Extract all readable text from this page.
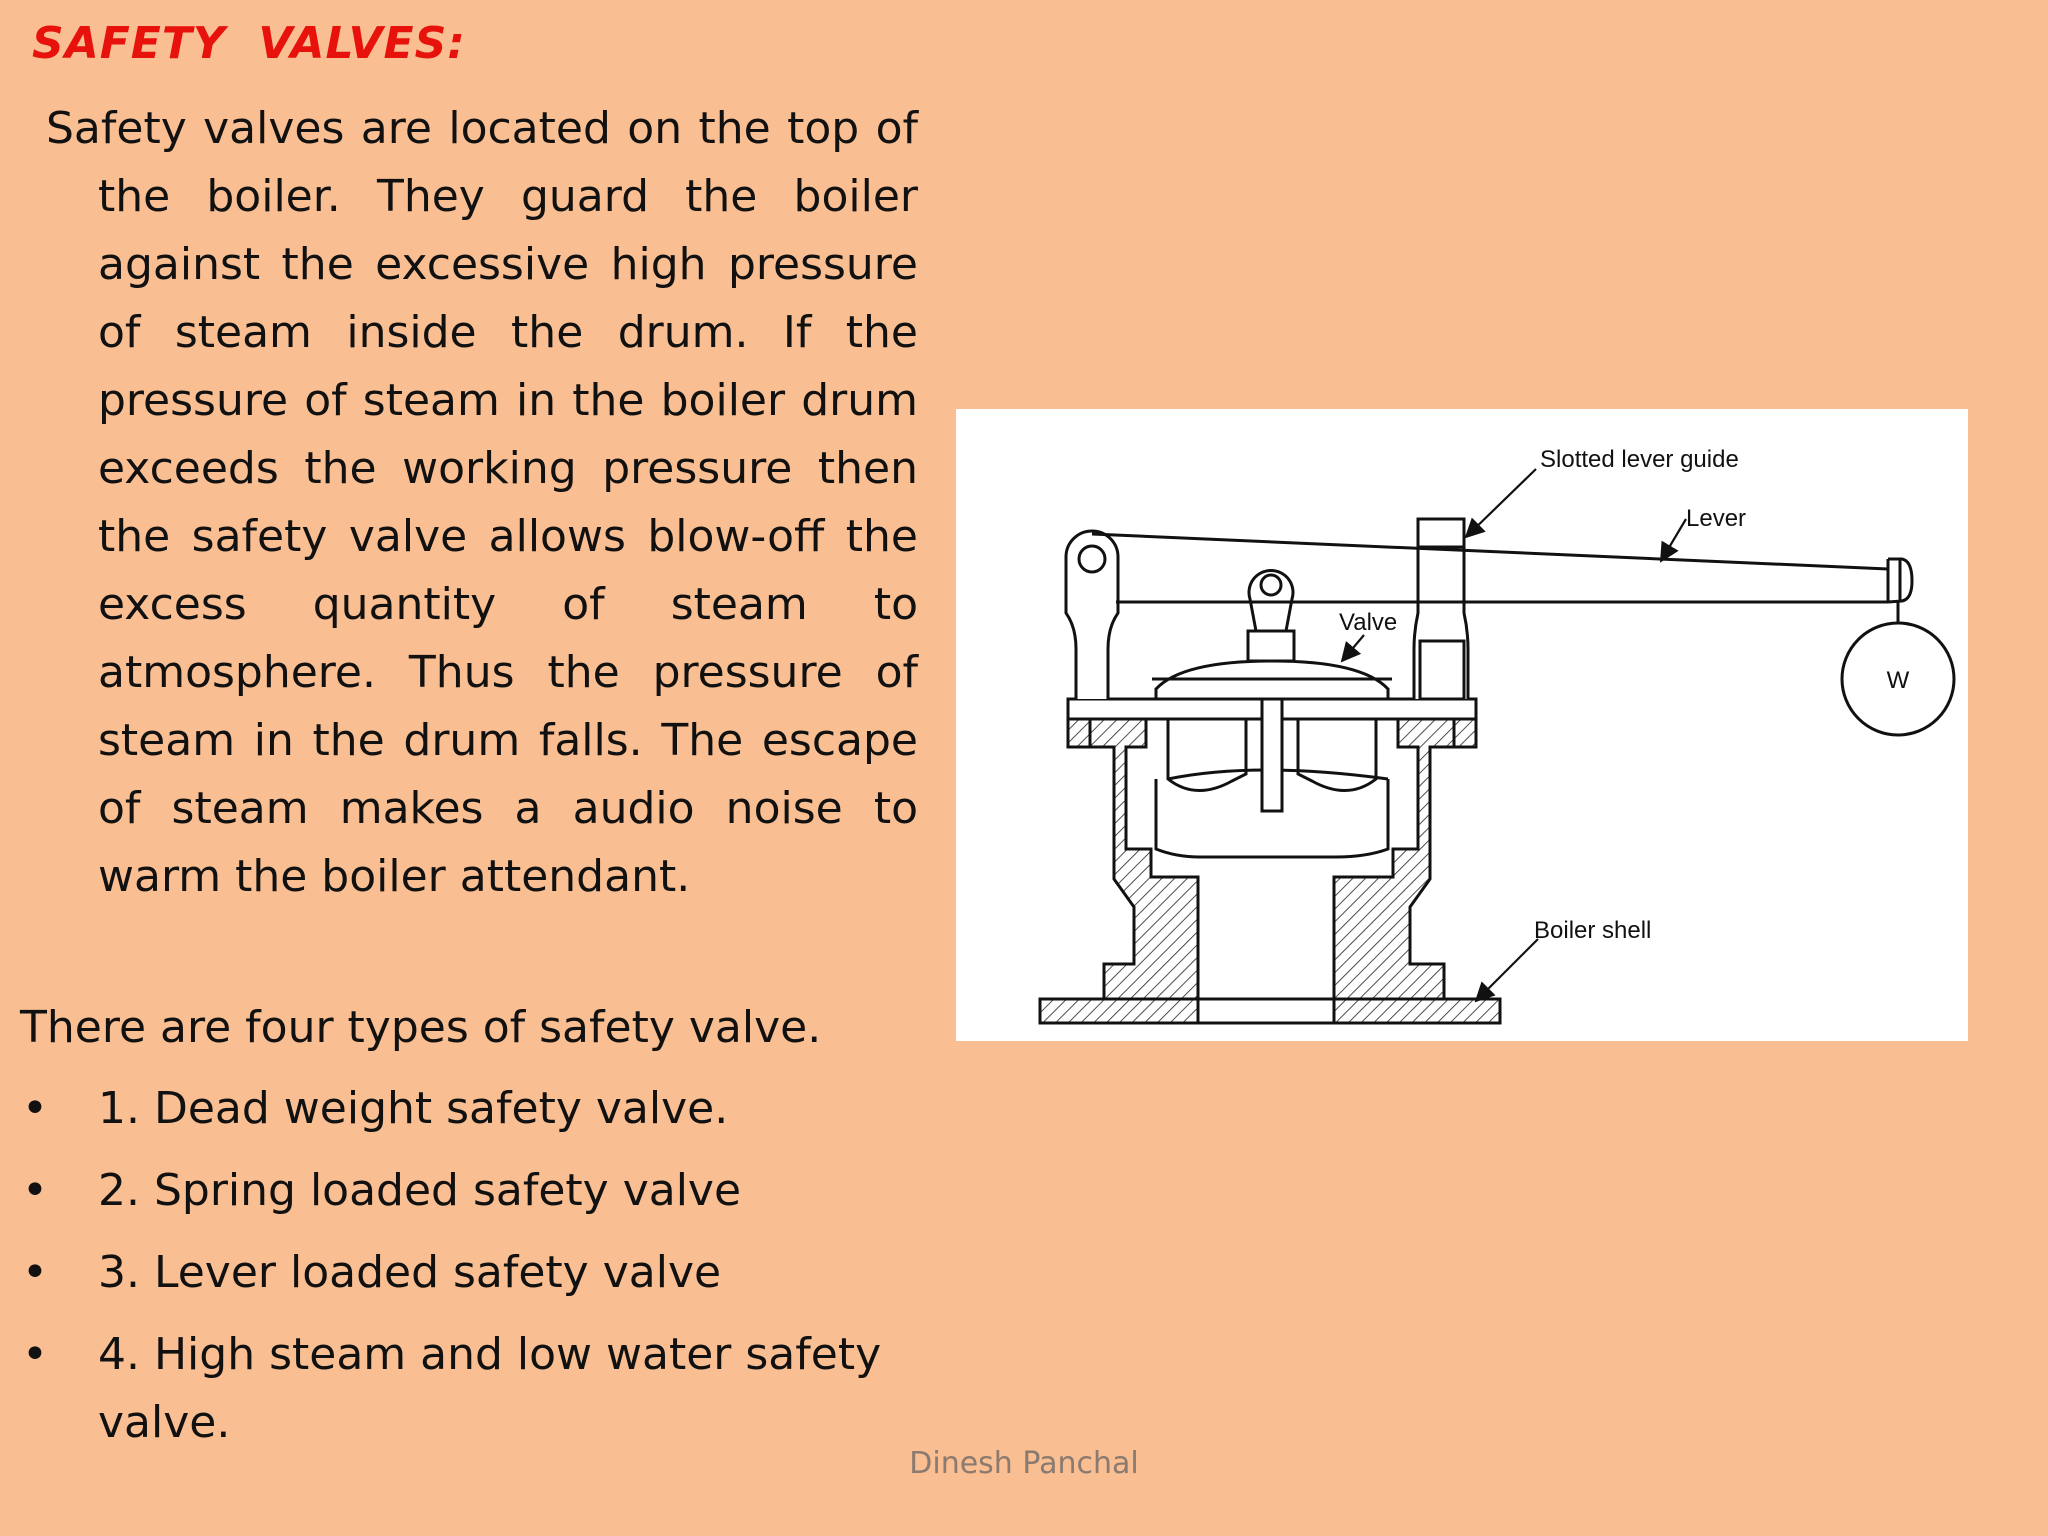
SAFETY  VALVES:

Safety valves are located on the top of the boiler. They guard the boiler against the excessive high pressure of steam inside the drum. If the pressure of steam in the boiler drum exceeds the working pressure then the safety valve allows blow-off the excess quantity of steam to atmosphere. Thus the pressure of steam in the drum falls. The escape of steam makes a audio noise to warm the boiler attendant.

There are four types of safety valve.

• 1. Dead weight safety valve.
• 2. Spring loaded safety valve
• 3. Lever loaded safety valve
• 4. High steam and low water safety valve.
W
Slotted lever guide
Lever
Valve
Boiler shell
Dinesh Panchal
